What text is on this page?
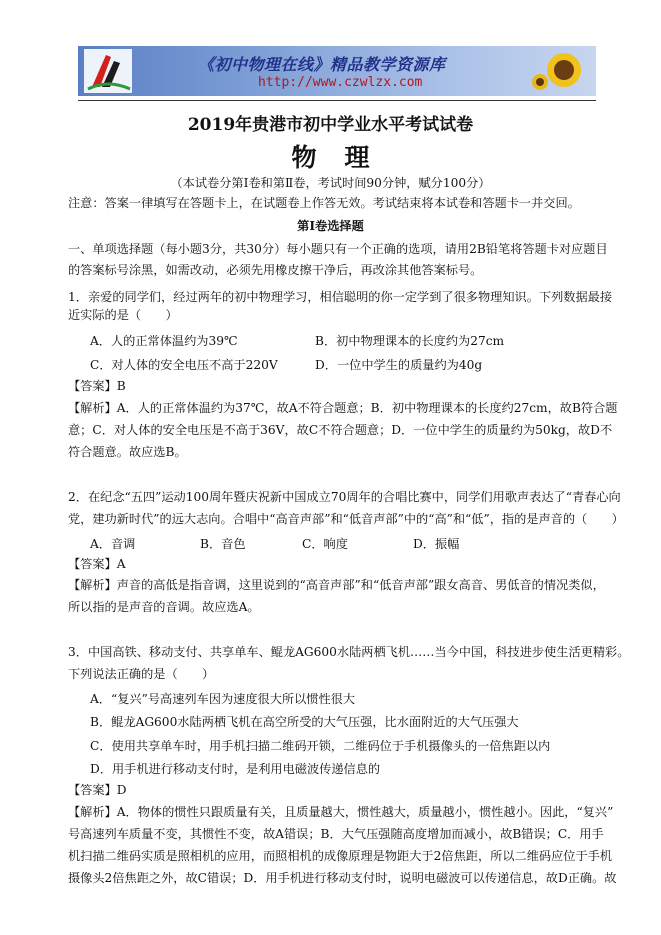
《初中物理在线》精品教学资源库
http://www.czwlzx.com
2019年贵港市初中学业水平考试试卷
物理
（本试卷分第Ⅰ卷和第Ⅱ卷，考试时间90分钟，赋分100分）
注意：答案一律填写在答题卡上，在试题卷上作答无效。考试结束将本试卷和答题卡一并交回。
第Ⅰ卷选择题
一、单项选择题（每小题3分，共30分）每小题只有一个正确的选项，请用2B铅笔将答题卡对应题目
的答案标号涂黑，如需改动，必须先用橡皮擦干净后，再改涂其他答案标号。
1．亲爱的同学们，经过两年的初中物理学习，相信聪明的你一定学到了很多物理知识。下列数据最接
近实际的是（　　）
A．人的正常体温约为39℃	B．初中物理课本的长度约为27cm
C．对人体的安全电压不高于220V	D．一位中学生的质量约为40g
【答案】B
【解析】A．人的正常体温约为37℃，故A不符合题意；B．初中物理课本的长度约27cm，故B符合题
意；C．对人体的安全电压是不高于36V，故C不符合题意；D．一位中学生的质量约为50kg，故D不
符合题意。故应选B。
2．在纪念“五四”运动100周年暨庆祝新中国成立70周年的合唱比赛中，同学们用歌声表达了“青春心向
党，建功新时代”的远大志向。合唱中“高音声部”和“低音声部”中的“高”和“低”，指的是声音的（　　）
A．音调	B．音色	C．响度	D．振幅
【答案】A
【解析】声音的高低是指音调，这里说到的“高音声部”和“低音声部”跟女高音、男低音的情况类似，
所以指的是声音的音调。故应选A。
3．中国高铁、移动支付、共享单车、鲲龙AG600水陆两栖飞机……当今中国，科技进步使生活更精彩。
下列说法正确的是（　　）
A．“复兴”号高速列车因为速度很大所以惯性很大
B．鲲龙AG600水陆两栖飞机在高空所受的大气压强，比水面附近的大气压强大
C．使用共享单车时，用手机扫描二维码开锁，二维码位于手机摄像头的一倍焦距以内
D．用手机进行移动支付时，是利用电磁波传递信息的
【答案】D
【解析】A．物体的惯性只跟质量有关，且质量越大，惯性越大，质量越小，惯性越小。因此，“复兴”
号高速列车质量不变，其惯性不变，故A错误；B．大气压强随高度增加而减小，故B错误；C．用手
机扫描二维码实质是照相机的应用，而照相机的成像原理是物距大于2倍焦距，所以二维码应位于手机
摄像头2倍焦距之外，故C错误；D．用手机进行移动支付时，说明电磁波可以传递信息，故D正确。故
